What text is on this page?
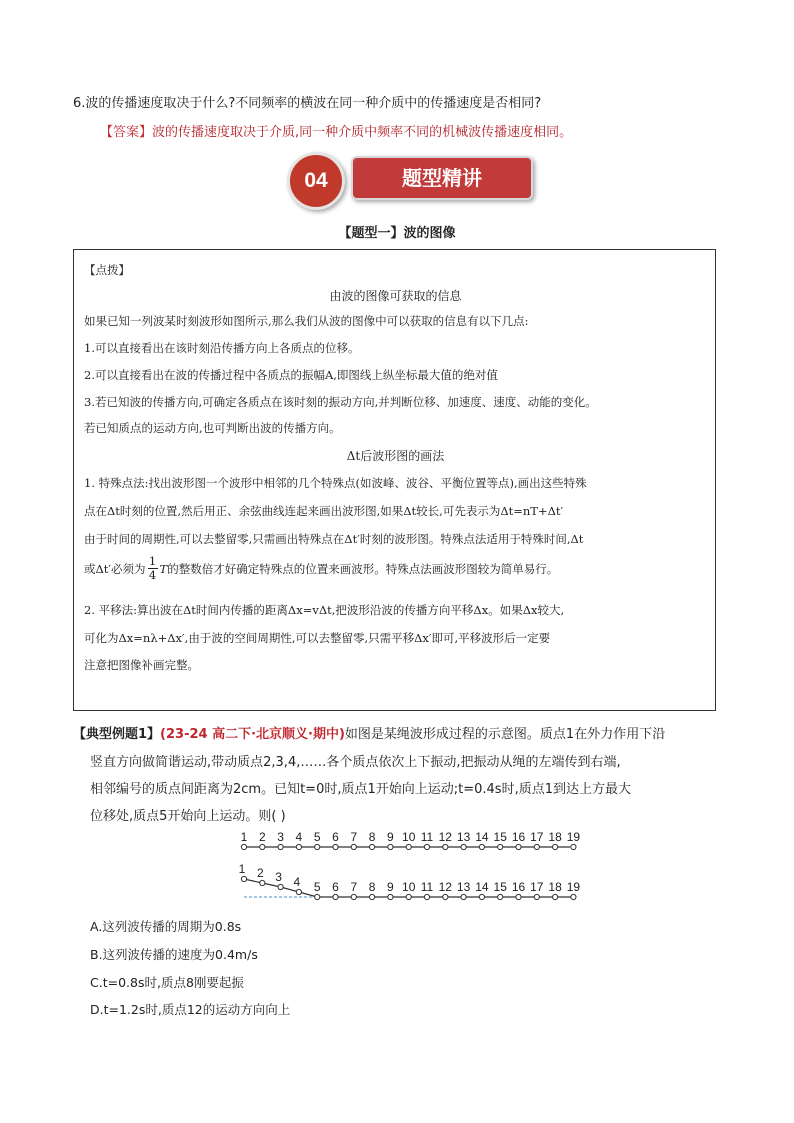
6.波的传播速度取决于什么?不同频率的横波在同一种介质中的传播速度是否相同?
【答案】波的传播速度取决于介质,同一种介质中频率不同的机械波传播速度相同。
04	题型精讲
【题型一】波的图像
【点拨】
由波的图像可获取的信息
如果已知一列波某时刻波形如图所示,那么我们从波的图像中可以获取的信息有以下几点:
1.可以直接看出在该时刻沿传播方向上各质点的位移。
2.可以直接看出在波的传播过程中各质点的振幅A,即图线上纵坐标最大值的绝对值
3.若已知波的传播方向,可确定各质点在该时刻的振动方向,并判断位移、加速度、速度、动能的变化。
若已知质点的运动方向,也可判断出波的传播方向。
Δt后波形图的画法
1. 特殊点法:找出波形图一个波形中相邻的几个特殊点(如波峰、波谷、平衡位置等点),画出这些特殊
点在Δt时刻的位置,然后用正、余弦曲线连起来画出波形图,如果Δt较长,可先表示为Δt=nT+Δt′
由于时间的周期性,可以去整留零,只需画出特殊点在Δt′时刻的波形图。特殊点法适用于特殊时间,Δt
或Δt′必须为
1
4 T 的整数倍才好确定特殊点的位置来画波形。特殊点法画波形图较为简单易行。
2. 平移法:算出波在Δt时间内传播的距离Δx=vΔt,把波形沿波的传播方向平移Δx。如果Δx较大,
可化为Δx=nλ+Δx′,由于波的空间周期性,可以去整留零,只需平移Δx′即可,平移波形后一定要
注意把图像补画完整。
【典型例题1】(23-24 高二下·北京顺义·期中)如图是某绳波形成过程的示意图。质点1在外力作用下沿
竖直方向做简谐运动,带动质点2,3,4,……各个质点依次上下振动,把振动从绳的左端传到右端,
相邻编号的质点间距离为2cm。已知t=0时,质点1开始向上运动;t=0.4s时,质点1到达上方最大
位移处,质点5开始向上运动。则( )
1 2 3 4 5 6 7 8 9 10 11 12 13 14 15 16 17 18 19
1 2 3 4 5 6 7 8 9 10 11 12 13 14 15 16 17 18 19
A.这列波传播的周期为0.8s
B.这列波传播的速度为0.4m/s
C.t=0.8s时,质点8刚要起振
D.t=1.2s时,质点12的运动方向向上
